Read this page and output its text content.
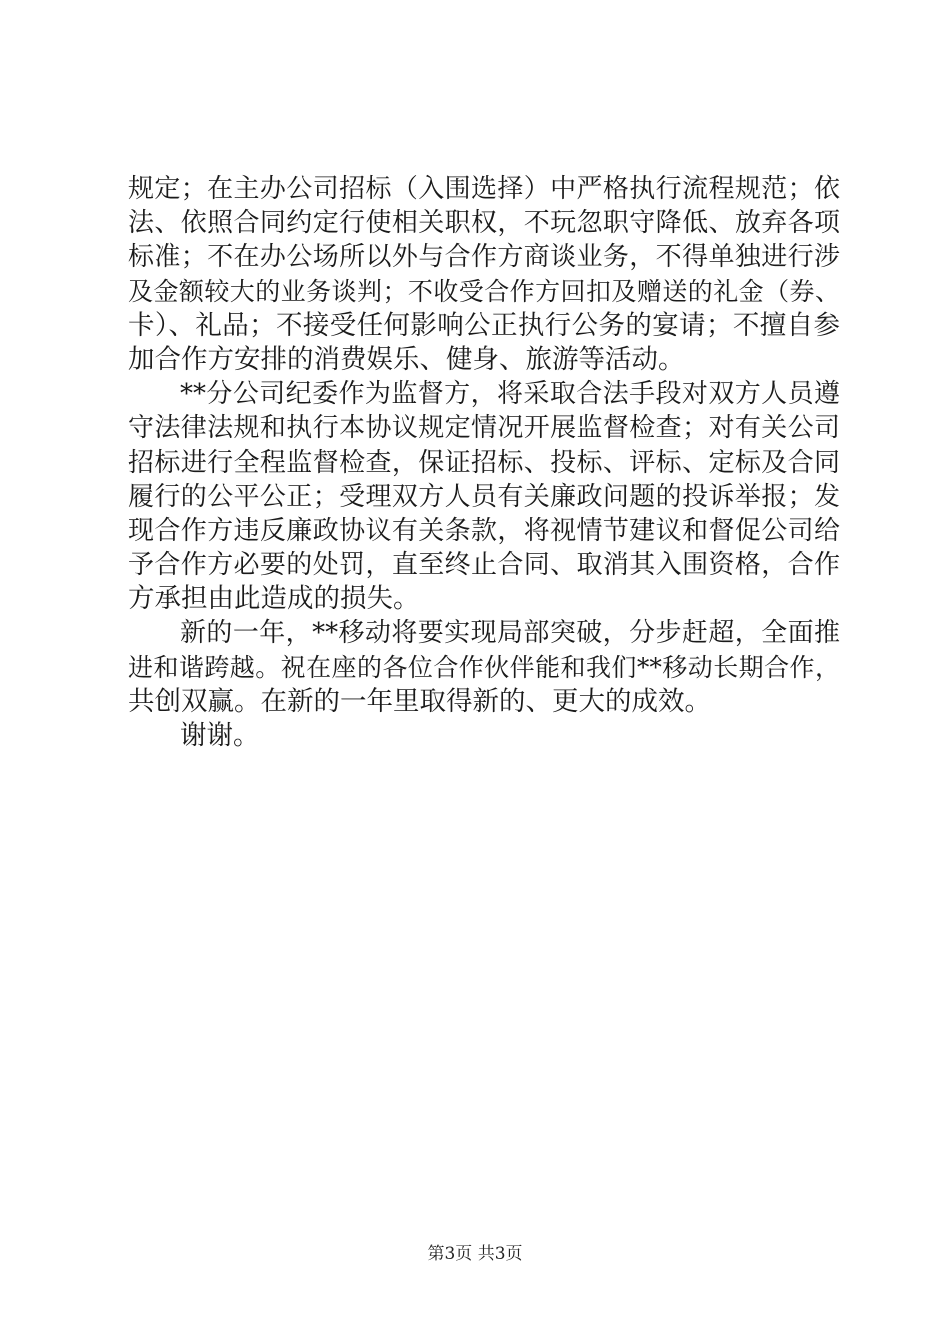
规定；在主办公司招标（入围选择）中严格执行流程规范；依
法、依照合同约定行使相关职权，不玩忽职守降低、放弃各项
标准；不在办公场所以外与合作方商谈业务，不得单独进行涉
及金额较大的业务谈判；不收受合作方回扣及赠送的礼金（券、
卡）、礼品；不接受任何影响公正执行公务的宴请；不擅自参
加合作方安排的消费娱乐、健身、旅游等活动。

**分公司纪委作为监督方，将采取合法手段对双方人员遵
守法律法规和执行本协议规定情况开展监督检查；对有关公司
招标进行全程监督检查，保证招标、投标、评标、定标及合同
履行的公平公正；受理双方人员有关廉政问题的投诉举报；发
现合作方违反廉政协议有关条款，将视情节建议和督促公司给
予合作方必要的处罚，直至终止合同、取消其入围资格，合作
方承担由此造成的损失。

新的一年，**移动将要实现局部突破，分步赶超，全面推
进和谐跨越。祝在座的各位合作伙伴能和我们**移动长期合作，
共创双赢。在新的一年里取得新的、更大的成效。

谢谢。

第3页 共3页
